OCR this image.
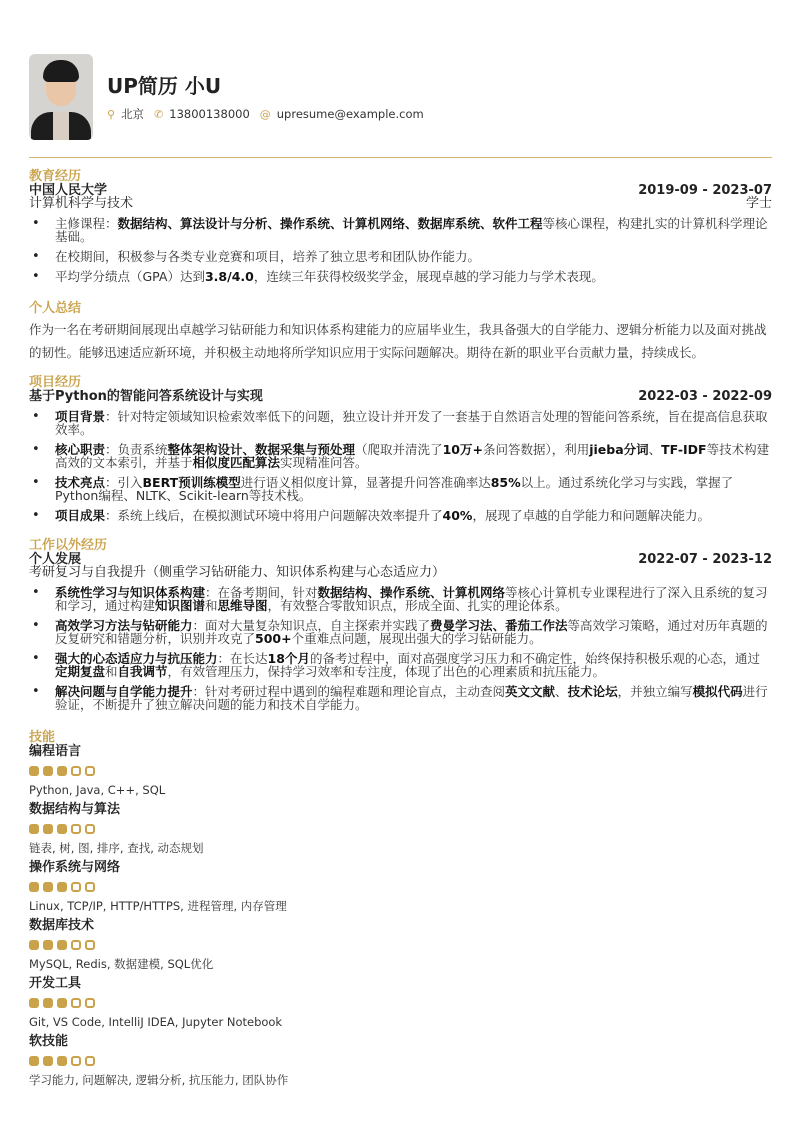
UP简历 小U
⚲ 北京 ✆ 13800138000 @ upresume@example.com
教育经历
中国人民大学	2019-09 - 2023-07
计算机科学与技术	学士
• 主修课程：数据结构、算法设计与分析、操作系统、计算机网络、数据库系统、软件工程等核心课程，构建扎实的计算机科学理论基础。
• 在校期间，积极参与各类专业竞赛和项目，培养了独立思考和团队协作能力。
• 平均学分绩点（GPA）达到3.8/4.0，连续三年获得校级奖学金，展现卓越的学习能力与学术表现。
个人总结
作为一名在考研期间展现出卓越学习钻研能力和知识体系构建能力的应届毕业生，我具备强大的自学能力、逻辑分析能力以及面对挑战的韧性。能够迅速适应新环境，并积极主动地将所学知识应用于实际问题解决。期待在新的职业平台贡献力量，持续成长。
项目经历
基于Python的智能问答系统设计与实现	2022-03 - 2022-09
• 项目背景：针对特定领域知识检索效率低下的问题，独立设计并开发了一套基于自然语言处理的智能问答系统，旨在提高信息获取效率。
• 核心职责：负责系统整体架构设计、数据采集与预处理（爬取并清洗了10万+条问答数据），利用jieba分词、TF-IDF等技术构建高效的文本索引，并基于相似度匹配算法实现精准问答。
• 技术亮点：引入BERT预训练模型进行语义相似度计算，显著提升问答准确率达85%以上。通过系统化学习与实践，掌握了Python编程、NLTK、Scikit-learn等技术栈。
• 项目成果：系统上线后，在模拟测试环境中将用户问题解决效率提升了40%，展现了卓越的自学能力和问题解决能力。
工作以外经历
个人发展	2022-07 - 2023-12
考研复习与自我提升（侧重学习钻研能力、知识体系构建与心态适应力）
• 系统性学习与知识体系构建：在备考期间，针对数据结构、操作系统、计算机网络等核心计算机专业课程进行了深入且系统的复习和学习，通过构建知识图谱和思维导图，有效整合零散知识点，形成全面、扎实的理论体系。
• 高效学习方法与钻研能力：面对大量复杂知识点，自主探索并实践了费曼学习法、番茄工作法等高效学习策略，通过对历年真题的反复研究和错题分析，识别并攻克了500+个重难点问题，展现出强大的学习钻研能力。
• 强大的心态适应力与抗压能力：在长达18个月的备考过程中，面对高强度学习压力和不确定性，始终保持积极乐观的心态，通过定期复盘和自我调节，有效管理压力，保持学习效率和专注度，体现了出色的心理素质和抗压能力。
• 解决问题与自学能力提升：针对考研过程中遇到的编程难题和理论盲点，主动查阅英文文献、技术论坛，并独立编写模拟代码进行验证，不断提升了独立解决问题的能力和技术自学能力。
技能
编程语言
Python, Java, C++, SQL
数据结构与算法
链表, 树, 图, 排序, 查找, 动态规划
操作系统与网络
Linux, TCP/IP, HTTP/HTTPS, 进程管理, 内存管理
数据库技术
MySQL, Redis, 数据建模, SQL优化
开发工具
Git, VS Code, IntelliJ IDEA, Jupyter Notebook
软技能
学习能力, 问题解决, 逻辑分析, 抗压能力, 团队协作
